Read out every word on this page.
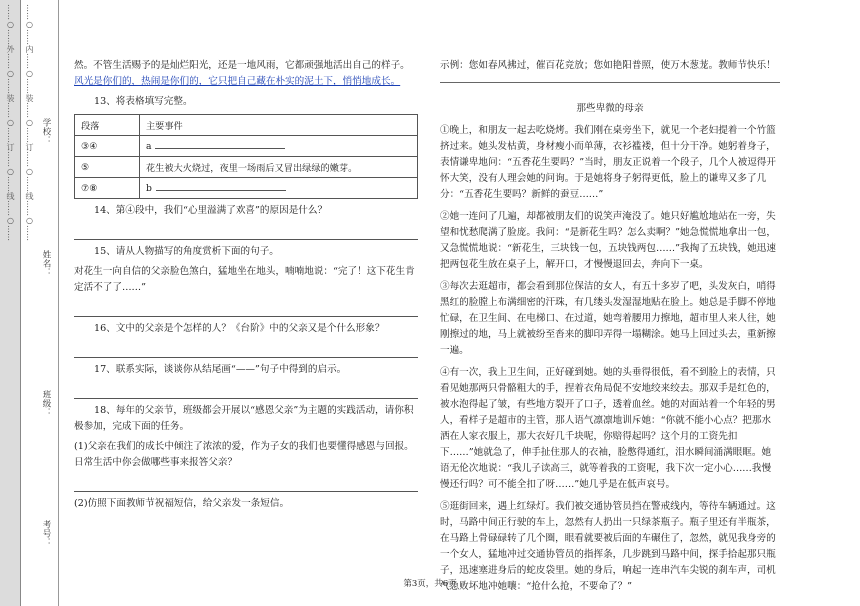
……○……外……○……装……○……订……○……线……○…… ……○……内……○……装……○……订……○……线……○…… 学校：
姓名：
班级：
考号：

然。不管生活赐予的是灿烂阳光，还是一地风雨，它都顽强地活出自己的样子。风光是你们的，热闹是你们的，它只把自己藏在朴实的泥土下，悄悄地成长。

13、将表格填写完整。

段落	主要事件
③④	a
⑤	花生被大火烧过，夜里一场雨后又冒出绿绿的嫩芽。
⑦⑧	b

14、第④段中，我们“心里溢满了欢喜”的原因是什么？

15、请从人物描写的角度赏析下面的句子。

对花生一向自信的父亲脸色煞白，猛地坐在地头，喃喃地说：“完了！这下花生肯定活不了了……”

16、文中的父亲是个怎样的人？《台阶》中的父亲又是个什么形象？

17、联系实际，谈谈你从结尾画“——”句子中得到的启示。

18、每年的父亲节，班级都会开展以“感恩父亲”为主题的实践活动，请你积极参加，完成下面的任务。

(1)父亲在我们的成长中倾注了浓浓的爱，作为子女的我们也要懂得感恩与回报。日常生活中你会做哪些事来报答父亲？

(2)仿照下面教师节祝福短信，给父亲发一条短信。

示例：您如春风拂过，催百花竞放；您如艳阳普照，使万木葱茏。教师节快乐！

那些卑微的母亲

①晚上，和朋友一起去吃烧烤。我们刚在桌旁坐下，就见一个老妇提着一个竹篮挤过来。她头发枯黄，身材瘦小而单薄，衣衫褴褛，但十分干净。她躬着身子，表情谦卑地问：“五香花生要吗？”当时，朋友正说着一个段子，几个人被逗得开怀大笑，没有人理会她的问询。于是她将身子躬得更低，脸上的谦卑又多了几分：“五香花生要吗？新鲜的蚕豆……”

②她一连问了几遍，却都被朋友们的说笑声淹没了。她只好尴尬地站在一旁，失望和忧愁爬满了脸庞。我问：“是新花生吗？怎么卖啊？”她急慌慌地拿出一包，又急慌慌地说：“新花生，三块钱一包，五块钱两包……”我掏了五块钱，她迅速把两包花生放在桌子上，解开口，才慢慢退回去，奔向下一桌。

③每次去逛超市，都会看到那位保洁的女人，有五十多岁了吧，头发灰白，哨得黑红的脸膛上布满细密的汗珠，有几缕头发湿湿地贴在脸上。她总是手脚不停地忙碌，在卫生间、在电梯口、在过道，她弯着腰用力擦地，超市里人来人往，她刚擦过的地，马上就被纷至沓来的脚印弄得一塌糊涂。她马上回过头去，重新擦一遍。

④有一次，我上卫生间，正好碰到她。她的头垂得很低，看不到脸上的表情，只看见她那两只骨骼粗大的手，捏着衣角局促不安地绞来绞去。那双手是红色的，被水泡得起了皱，有些地方裂开了口子，透着血丝。她的对面站着一个年轻的男人，看样子是超市的主管，那人语气凛凛地训斥她：“你就不能小心点？把那水洒在人家衣服上，那大衣好几千块呢，你赔得起吗？这个月的工资先扣下……”她就急了，伸手扯住那人的衣袖，脸憋得通红，泪水瞬间涌满眼眶。她语无伦次地说：“我儿子读高三，就等着我的工资呢，我下次一定小心……我慢慢还行吗？可不能全扣了呀……”她几乎是在低声哀号。

⑤逛街回来，遇上红绿灯。我们被交通协管员挡在警戒线内，等待车辆通过。这时，马路中间正行驶的车上，忽然有人扔出一只绿茶瓶子。瓶子里还有半瓶茶，在马路上骨碌碌转了几个圈，眼看就要被后面的车碾住了，忽然，就见我身旁的一个女人，猛地冲过交通协管员的指挥条，几步跳到马路中间，探手拾起那只瓶子，迅速塞进身后的蛇皮袋里。她的身后，响起一连串汽车尖锐的刹车声，司机气急败坏地冲她嚷：“抢什么抢，不要命了？”

第3页，共6页
